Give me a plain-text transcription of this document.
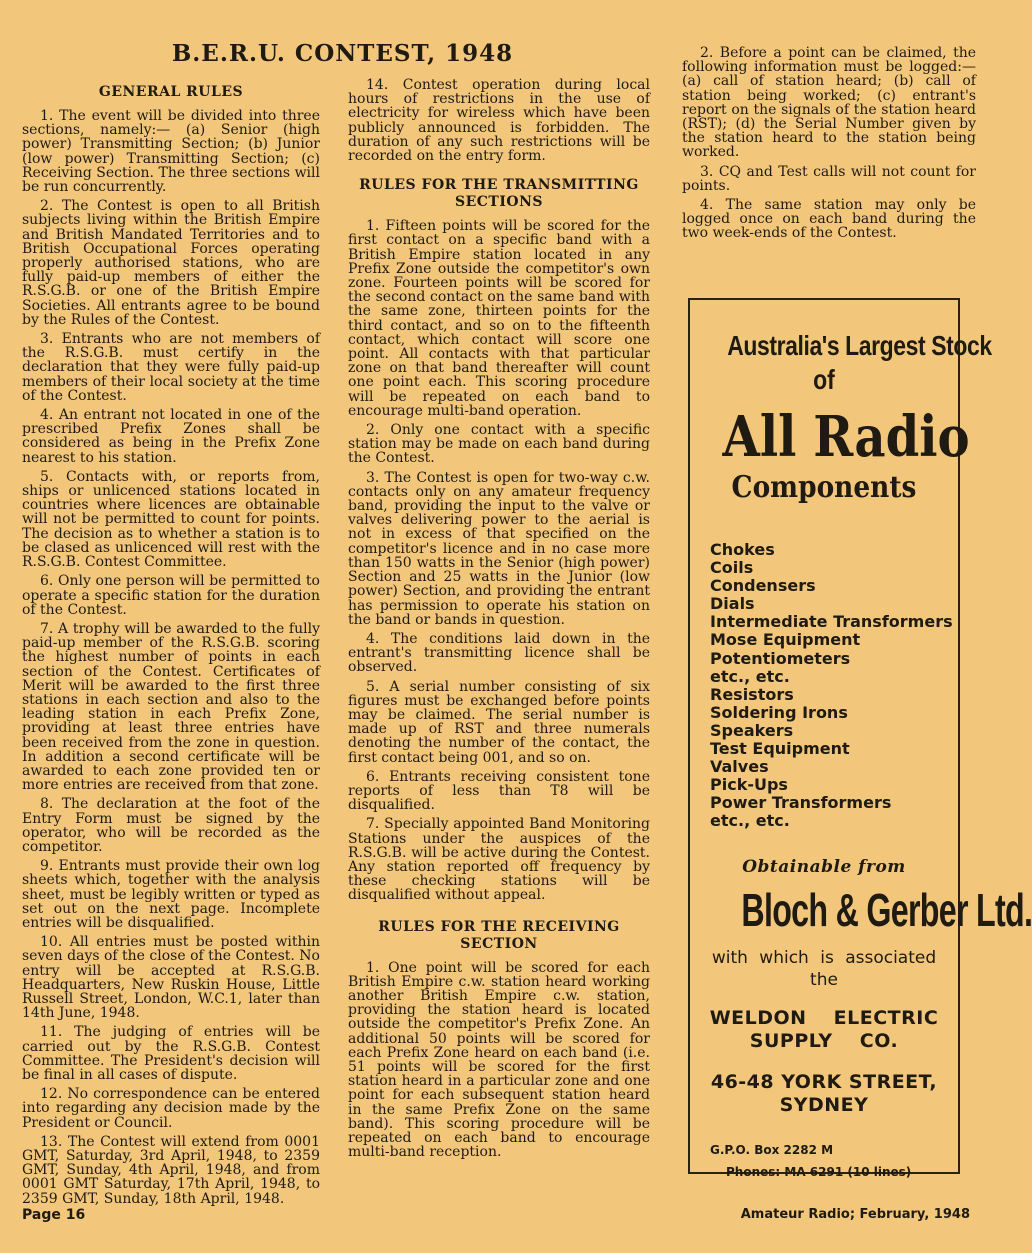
B.E.R.U. CONTEST, 1948
GENERAL RULES

1. The event will be divided into three sections, namely:— (a) Senior (high power) Transmitting Section; (b) Junior (low power) Transmitting Section; (c) Receiving Section. The three sections will be run concurrently.

2. The Contest is open to all British subjects living within the British Empire and British Mandated Territories and to British Occupational Forces operating properly authorised stations, who are fully paid-up members of either the R.S.G.B. or one of the British Empire Societies. All entrants agree to be bound by the Rules of the Contest.

3. Entrants who are not members of the R.S.G.B. must certify in the declaration that they were fully paid-up members of their local society at the time of the Contest.

4. An entrant not located in one of the prescribed Prefix Zones shall be considered as being in the Prefix Zone nearest to his station.

5. Contacts with, or reports from, ships or unlicenced stations located in countries where licences are obtainable will not be permitted to count for points. The decision as to whether a station is to be clased as unlicenced will rest with the R.S.G.B. Contest Committee.

6. Only one person will be permitted to operate a specific station for the duration of the Contest.

7. A trophy will be awarded to the fully paid-up member of the R.S.G.B. scoring the highest number of points in each section of the Contest. Certificates of Merit will be awarded to the first three stations in each section and also to the leading station in each Prefix Zone, providing at least three entries have been received from the zone in question. In addition a second certificate will be awarded to each zone provided ten or more entries are received from that zone.

8. The declaration at the foot of the Entry Form must be signed by the operator, who will be recorded as the competitor.

9. Entrants must provide their own log sheets which, together with the analysis sheet, must be legibly written or typed as set out on the next page. Incomplete entries will be disqualified.

10. All entries must be posted within seven days of the close of the Contest. No entry will be accepted at R.S.G.B. Headquarters, New Ruskin House, Little Russell Street, London, W.C.1, later than 14th June, 1948.

11. The judging of entries will be carried out by the R.S.G.B. Contest Committee. The President's decision will be final in all cases of dispute.

12. No correspondence can be entered into regarding any decision made by the President or Council.

13. The Contest will extend from 0001 GMT, Saturday, 3rd April, 1948, to 2359 GMT, Sunday, 4th April, 1948, and from 0001 GMT Saturday, 17th April, 1948, to 2359 GMT, Sunday, 18th April, 1948.

14. Contest operation during local hours of restrictions in the use of electricity for wireless which have been publicly announced is forbidden. The duration of any such restrictions will be recorded on the entry form.

RULES FOR THE TRANSMITTING SECTIONS

1. Fifteen points will be scored for the first contact on a specific band with a British Empire station located in any Prefix Zone outside the competitor's own zone. Fourteen points will be scored for the second contact on the same band with the same zone, thirteen points for the third contact, and so on to the fifteenth contact, which contact will score one point. All contacts with that particular zone on that band thereafter will count one point each. This scoring procedure will be repeated on each band to encourage multi-band operation.

2. Only one contact with a specific station may be made on each band during the Contest.

3. The Contest is open for two-way c.w. contacts only on any amateur frequency band, providing the input to the valve or valves delivering power to the aerial is not in excess of that specified on the competitor's licence and in no case more than 150 watts in the Senior (high power) Section and 25 watts in the Junior (low power) Section, and providing the entrant has permission to operate his station on the band or bands in question.

4. The conditions laid down in the entrant's transmitting licence shall be observed.

5. A serial number consisting of six figures must be exchanged before points may be claimed. The serial number is made up of RST and three numerals denoting the number of the contact, the first contact being 001, and so on.

6. Entrants receiving consistent tone reports of less than T8 will be disqualified.

7. Specially appointed Band Monitoring Stations under the auspices of the R.S.G.B. will be active during the Contest. Any station reported off frequency by these checking stations will be disqualified without appeal.

RULES FOR THE RECEIVING SECTION

1. One point will be scored for each British Empire c.w. station heard working another British Empire c.w. station, providing the station heard is located outside the competitor's Prefix Zone. An additional 50 points will be scored for each Prefix Zone heard on each band (i.e. 51 points will be scored for the first station heard in a particular zone and one point for each subsequent station heard in the same Prefix Zone on the same band). This scoring procedure will be repeated on each band to encourage multi-band reception.

2. Before a point can be claimed, the following information must be logged:— (a) call of station heard; (b) call of station being worked; (c) entrant's report on the signals of the station heard (RST); (d) the Serial Number given by the station heard to the station being worked.

3. CQ and Test calls will not count for points.

4. The same station may only be logged once on each band during the two week-ends of the Contest.

Australia's Largest Stock
of
All Radio
Components
Chokes
Coils
Condensers
Dials
Intermediate Transformers
Mose Equipment
Potentiometers
etc., etc.
Resistors
Soldering Irons
Speakers
Test Equipment
Valves
Pick-Ups
Power Transformers
etc., etc.
Obtainable from
Bloch & Gerber Ltd.
with which is associated the
WELDON ELECTRIC
SUPPLY CO.
46-48 YORK STREET,
SYDNEY
G.P.O. Box 2282 M
Phones: MA 6291 (10 lines)
Page 16	Amateur Radio; February, 1948
